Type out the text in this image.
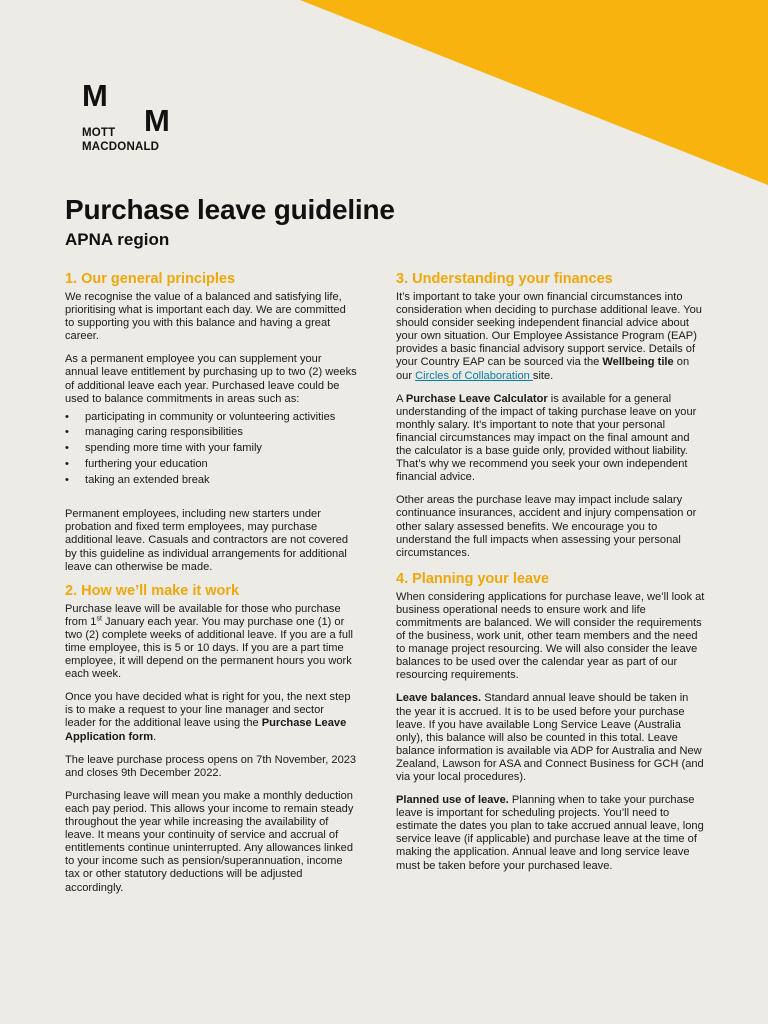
M
M
MOTT
MACDONALD
Purchase leave guideline
APNA region
1. Our general principles

We recognise the value of a balanced and satisfying life, prioritising what is important each day. We are committed to supporting you with this balance and having a great career.

As a permanent employee you can supplement your annual leave entitlement by purchasing up to two (2) weeks of additional leave each year. Purchased leave could be used to balance commitments in areas such as:

• participating in community or volunteering activities
• managing caring responsibilities
• spending more time with your family
• furthering your education
• taking an extended break

Permanent employees, including new starters under probation and fixed term employees, may purchase additional leave. Casuals and contractors are not covered by this guideline as individual arrangements for additional leave can otherwise be made.

2. How we’ll make it work

Purchase leave will be available for those who purchase from 1st January each year. You may purchase one (1) or two (2) complete weeks of additional leave. If you are a full time employee, this is 5 or 10 days. If you are a part time employee, it will depend on the permanent hours you work each week.

Once you have decided what is right for you, the next step is to make a request to your line manager and sector leader for the additional leave using the Purchase Leave Application form.

The leave purchase process opens on 7th November, 2023 and closes 9th December 2022.

Purchasing leave will mean you make a monthly deduction each pay period. This allows your income to remain steady throughout the year while increasing the availability of leave. It means your continuity of service and accrual of entitlements continue uninterrupted. Any allowances linked to your income such as pension/superannuation, income tax or other statutory deductions will be adjusted accordingly.

3. Understanding your finances

It’s important to take your own financial circumstances into consideration when deciding to purchase additional leave. You should consider seeking independent financial advice about your own situation. Our Employee Assistance Program (EAP) provides a basic financial advisory support service. Details of your Country EAP can be sourced via the Wellbeing tile on our Circles of Collaboration site.

A Purchase Leave Calculator is available for a general understanding of the impact of taking purchase leave on your monthly salary. It’s important to note that your personal financial circumstances may impact on the final amount and the calculator is a base guide only, provided without liability. That’s why we recommend you seek your own independent financial advice.

Other areas the purchase leave may impact include salary continuance insurances, accident and injury compensation or other salary assessed benefits. We encourage you to understand the full impacts when assessing your personal circumstances.

4. Planning your leave

When considering applications for purchase leave, we’ll look at business operational needs to ensure work and life commitments are balanced. We will consider the requirements of the business, work unit, other team members and the need to manage project resourcing. We will also consider the leave balances to be used over the calendar year as part of our resourcing requirements.

Leave balances. Standard annual leave should be taken in the year it is accrued. It is to be used before your purchase leave. If you have available Long Service Leave (Australia only), this balance will also be counted in this total. Leave balance information is available via ADP for Australia and New Zealand, Lawson for ASA and Connect Business for GCH (and via your local procedures).

Planned use of leave. Planning when to take your purchase leave is important for scheduling projects. You’ll need to estimate the dates you plan to take accrued annual leave, long service leave (if applicable) and purchase leave at the time of making the application. Annual leave and long service leave must be taken before your purchased leave.
